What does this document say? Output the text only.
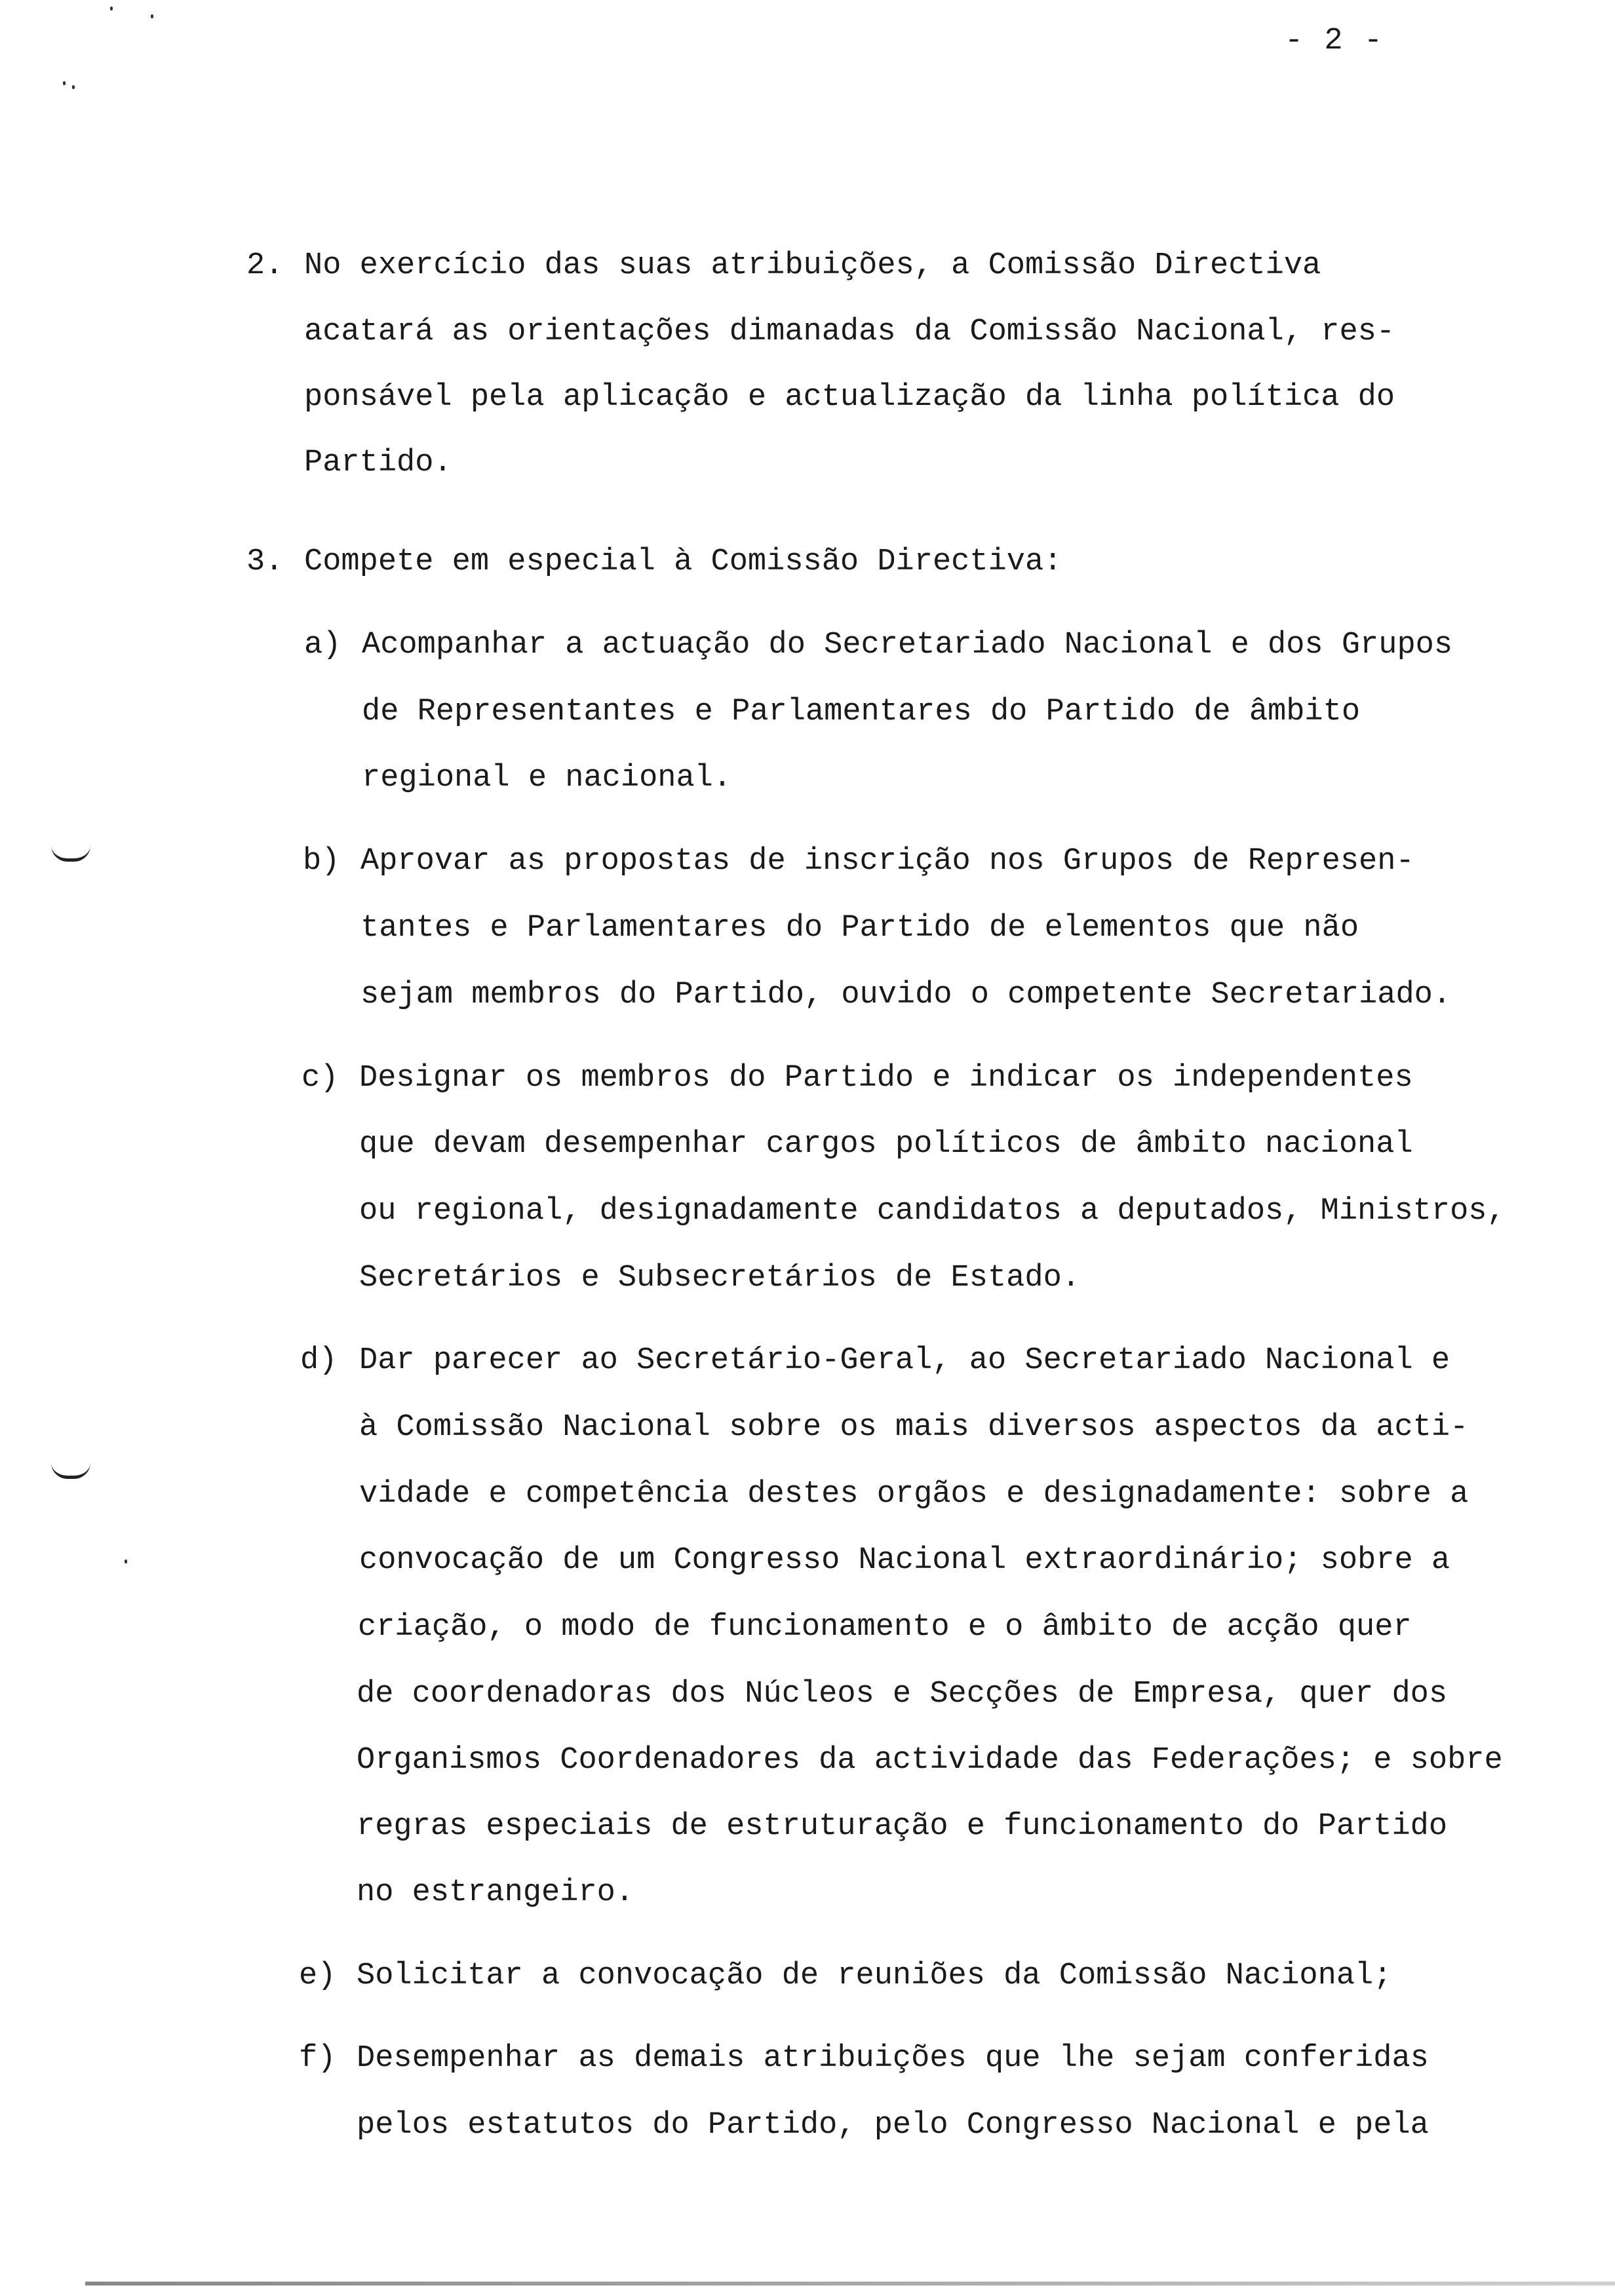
- 2 -
2. No exercício das suas atribuições, a Comissão Directiva
acatará as orientações dimanadas da Comissão Nacional, res-
ponsável pela aplicação e actualização da linha política do
Partido.
3. Compete em especial à Comissão Directiva:
a) Acompanhar a actuação do Secretariado Nacional e dos Grupos
de Representantes e Parlamentares do Partido de âmbito
regional e nacional.
b) Aprovar as propostas de inscrição nos Grupos de Represen-
tantes e Parlamentares do Partido de elementos que não
sejam membros do Partido, ouvido o competente Secretariado.
c) Designar os membros do Partido e indicar os independentes
que devam desempenhar cargos políticos de âmbito nacional
ou regional, designadamente candidatos a deputados, Ministros,
Secretários e Subsecretários de Estado.
d) Dar parecer ao Secretário-Geral, ao Secretariado Nacional e
à Comissão Nacional sobre os mais diversos aspectos da acti-
vidade e competência destes orgãos e designadamente: sobre a
convocação de um Congresso Nacional extraordinário; sobre a
criação, o modo de funcionamento e o âmbito de acção quer
de coordenadoras dos Núcleos e Secções de Empresa, quer dos
Organismos Coordenadores da actividade das Federações; e sobre
regras especiais de estruturação e funcionamento do Partido
no estrangeiro.
e) Solicitar a convocação de reuniões da Comissão Nacional;
f) Desempenhar as demais atribuições que lhe sejam conferidas
pelos estatutos do Partido, pelo Congresso Nacional e pela
